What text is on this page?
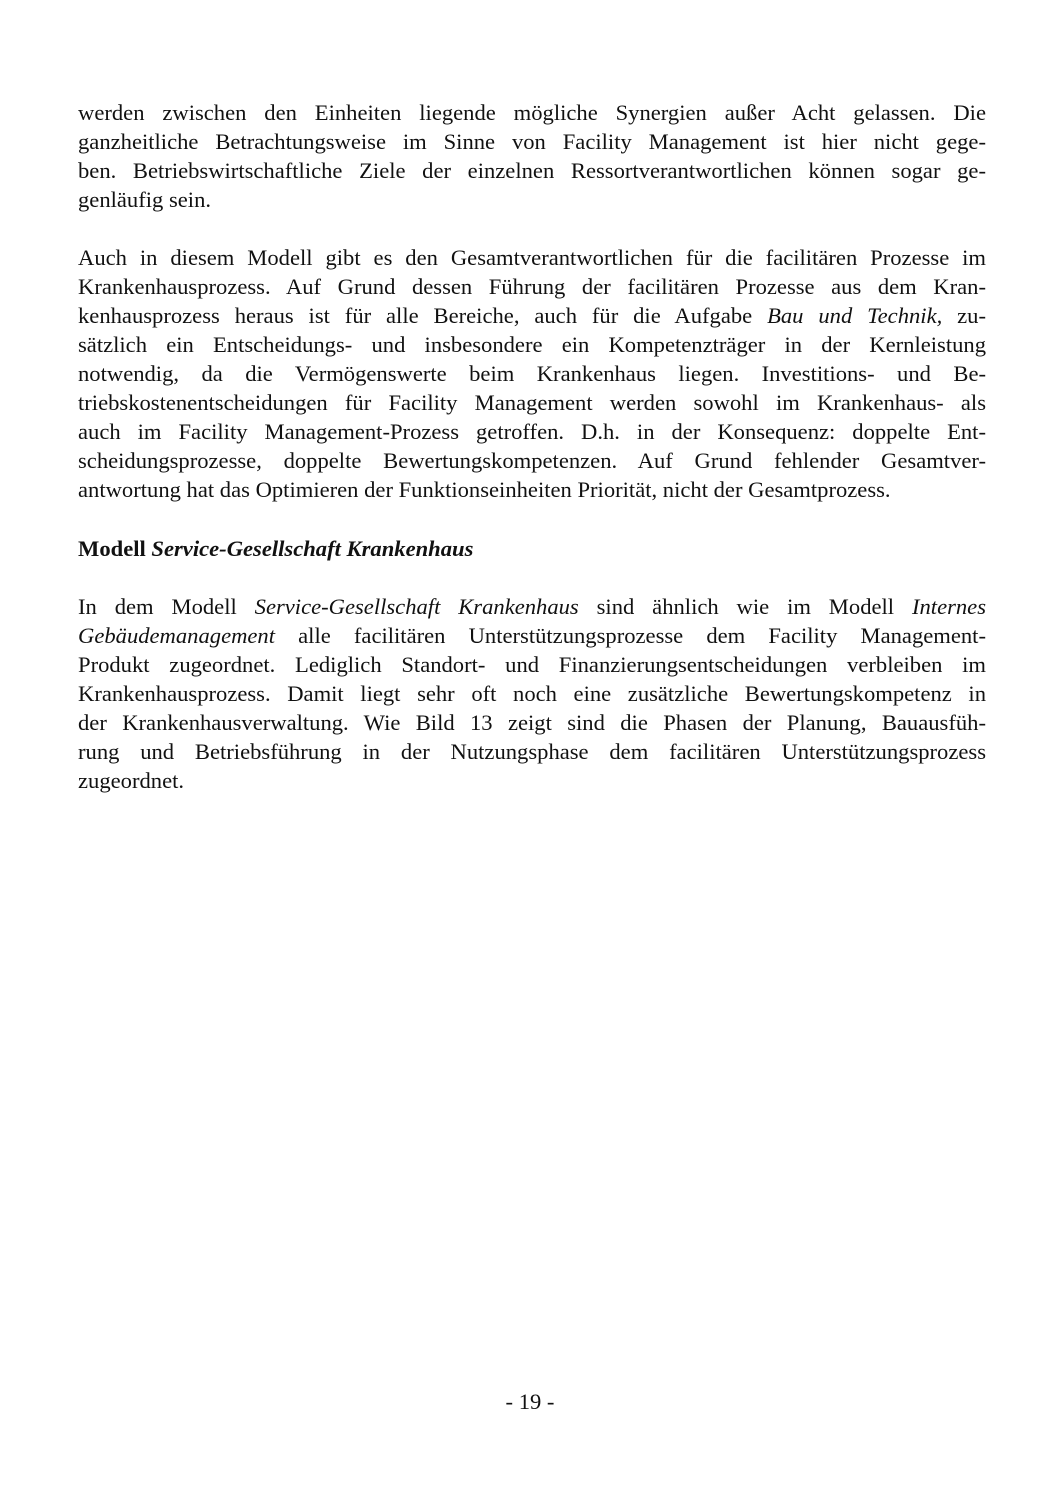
werden zwischen den Einheiten liegende mögliche Synergien außer Acht gelassen. Die
ganzheitliche Betrachtungsweise im Sinne von Facility Management ist hier nicht gege-
ben. Betriebswirtschaftliche Ziele der einzelnen Ressortverantwortlichen können sogar ge-
genläufig sein.

Auch in diesem Modell gibt es den Gesamtverantwortlichen für die facilitären Prozesse im
Krankenhausprozess. Auf Grund dessen Führung der facilitären Prozesse aus dem Kran-
kenhausprozess heraus ist für alle Bereiche, auch für die Aufgabe Bau und Technik, zu-
sätzlich ein Entscheidungs- und insbesondere ein Kompetenzträger in der Kernleistung
notwendig, da die Vermögenswerte beim Krankenhaus liegen. Investitions- und Be-
triebskostenentscheidungen für Facility Management werden sowohl im Krankenhaus- als
auch im Facility Management-Prozess getroffen. D.h. in der Konsequenz: doppelte Ent-
scheidungsprozesse, doppelte Bewertungskompetenzen. Auf Grund fehlender Gesamtver-
antwortung hat das Optimieren der Funktionseinheiten Priorität, nicht der Gesamtprozess.

Modell Service-Gesellschaft Krankenhaus

In dem Modell Service-Gesellschaft Krankenhaus sind ähnlich wie im Modell Internes
Gebäudemanagement alle facilitären Unterstützungsprozesse dem Facility Management-
Produkt zugeordnet. Lediglich Standort- und Finanzierungsentscheidungen verbleiben im
Krankenhausprozess. Damit liegt sehr oft noch eine zusätzliche Bewertungskompetenz in
der Krankenhausverwaltung. Wie Bild 13 zeigt sind die Phasen der Planung, Bauausfüh-
rung und Betriebsführung in der Nutzungsphase dem facilitären Unterstützungsprozess
zugeordnet.

- 19 -
